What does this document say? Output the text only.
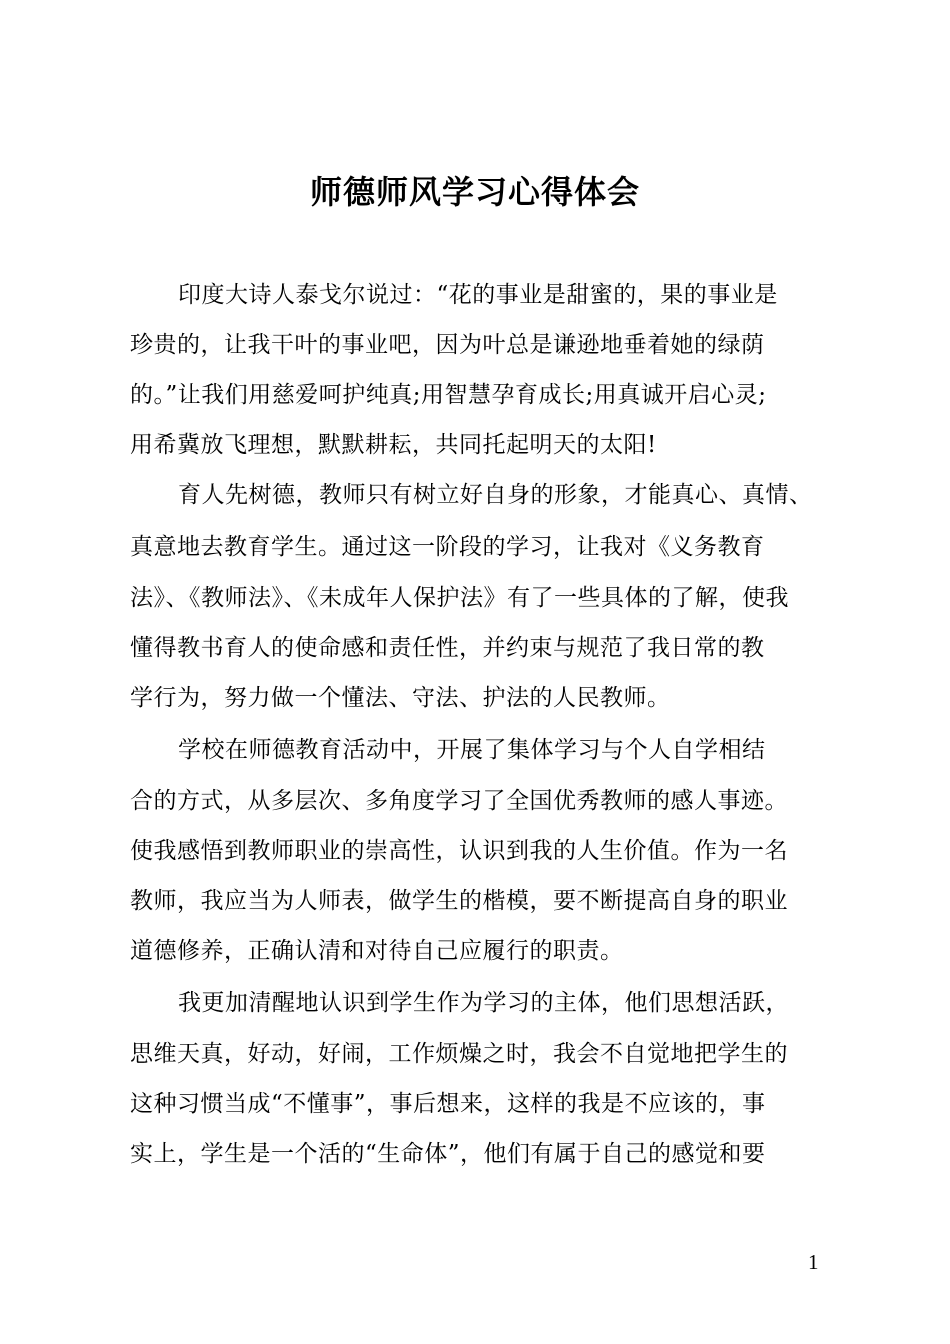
师德师风学习心得体会
印度大诗人泰戈尔说过：“花的事业是甜蜜的，果的事业是
珍贵的，让我干叶的事业吧，因为叶总是谦逊地垂着她的绿荫
的。”让我们用慈爱呵护纯真;用智慧孕育成长;用真诚开启心灵;
用希冀放飞理想，默默耕耘，共同托起明天的太阳!
育人先树德，教师只有树立好自身的形象，才能真心、真情、
真意地去教育学生。通过这一阶段的学习，让我对《义务教育
法》、《教师法》、《未成年人保护法》有了一些具体的了解，使我
懂得教书育人的使命感和责任性，并约束与规范了我日常的教
学行为，努力做一个懂法、守法、护法的人民教师。
学校在师德教育活动中，开展了集体学习与个人自学相结
合的方式，从多层次、多角度学习了全国优秀教师的感人事迹。
使我感悟到教师职业的崇高性，认识到我的人生价值。作为一名
教师，我应当为人师表，做学生的楷模，要不断提高自身的职业
道德修养，正确认清和对待自己应履行的职责。
我更加清醒地认识到学生作为学习的主体，他们思想活跃，
思维天真，好动，好闹，工作烦燥之时，我会不自觉地把学生的
这种习惯当成“不懂事”，事后想来，这样的我是不应该的，事
实上，学生是一个活的“生命体”，他们有属于自己的感觉和要
1
